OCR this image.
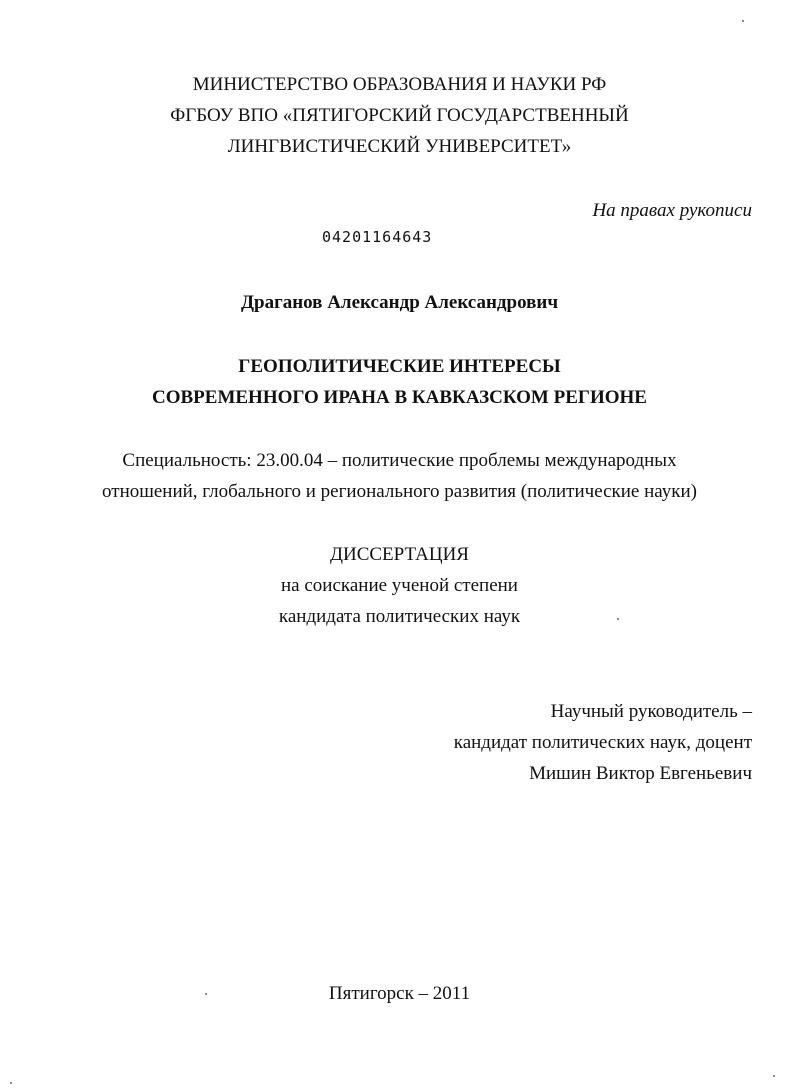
МИНИСТЕРСТВО ОБРАЗОВАНИЯ И НАУКИ РФ
ФГБОУ ВПО «ПЯТИГОРСКИЙ ГОСУДАРСТВЕННЫЙ
ЛИНГВИСТИЧЕСКИЙ УНИВЕРСИТЕТ»
На правах рукописи
04201164643
Драганов Александр Александрович
ГЕОПОЛИТИЧЕСКИЕ ИНТЕРЕСЫ
СОВРЕМЕННОГО ИРАНА В КАВКАЗСКОМ РЕГИОНЕ
Специальность: 23.00.04 – политические проблемы международных
отношений, глобального и регионального развития (политические науки)
ДИССЕРТАЦИЯ
на соискание ученой степени
кандидата политических наук
Научный руководитель –
кандидат политических наук, доцент
Мишин Виктор Евгеньевич
Пятигорск – 2011
